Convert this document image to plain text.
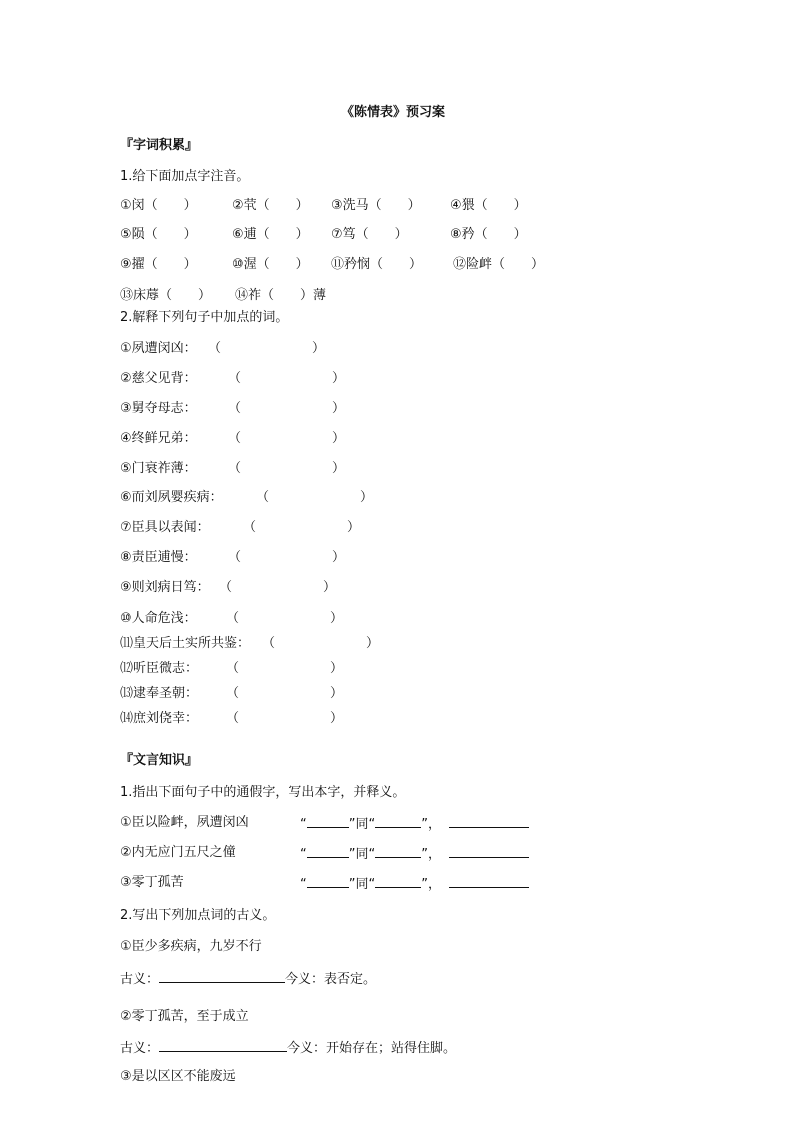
《陈情表》预习案
『字词积累』
1.给下面加点字注音。
①闵（　　）	②茕（　　） ③洗马（　　） ④猥（　　）
⑤陨（　　）	⑥逋（　　） ⑦笃（　　）	⑧矜（　　）
⑨擢（　　）	⑩渥（　　） ⑪矜悯（　　） ⑫险衅（　　）
⑬床蓐（　　） ⑭祚（　　）薄
2.解释下列句子中加点的词。
①夙遭闵凶： （　　　　　　　）
②慈父见背： （　　　　　　　）
③舅夺母志： （　　　　　　　）
④终鲜兄弟： （　　　　　　　）
⑤门衰祚薄： （　　　　　　　）
⑥而刘夙婴疾病：	（　　　　　　　）
⑦臣具以表闻：	（　　　　　　　）
⑧责臣逋慢： （　　　　　　　）
⑨则刘病日笃： （　　　　　　　）
⑩人命危浅： （　　　　　　　）
⑾皇天后土实所共鉴： （　　　　　　　）
⑿听臣微志： （　　　　　　　）
⒀逮奉圣朝： （　　　　　　　）
⒁庶刘侥幸： （　　　　　　　）
『文言知识』
1.指出下面句子中的通假字，写出本字，并释义。
①臣以险衅，夙遭闵凶	“	”同“	”，
②内无应门五尺之僮	“	”同“	”，
③零丁孤苦	“	”同“	”，
2.写出下列加点词的古义。
①臣少多疾病，九岁不行
古义：	今义：表否定。
②零丁孤苦，至于成立
古义：	今义：开始存在；站得住脚。
③是以区区不能废远
